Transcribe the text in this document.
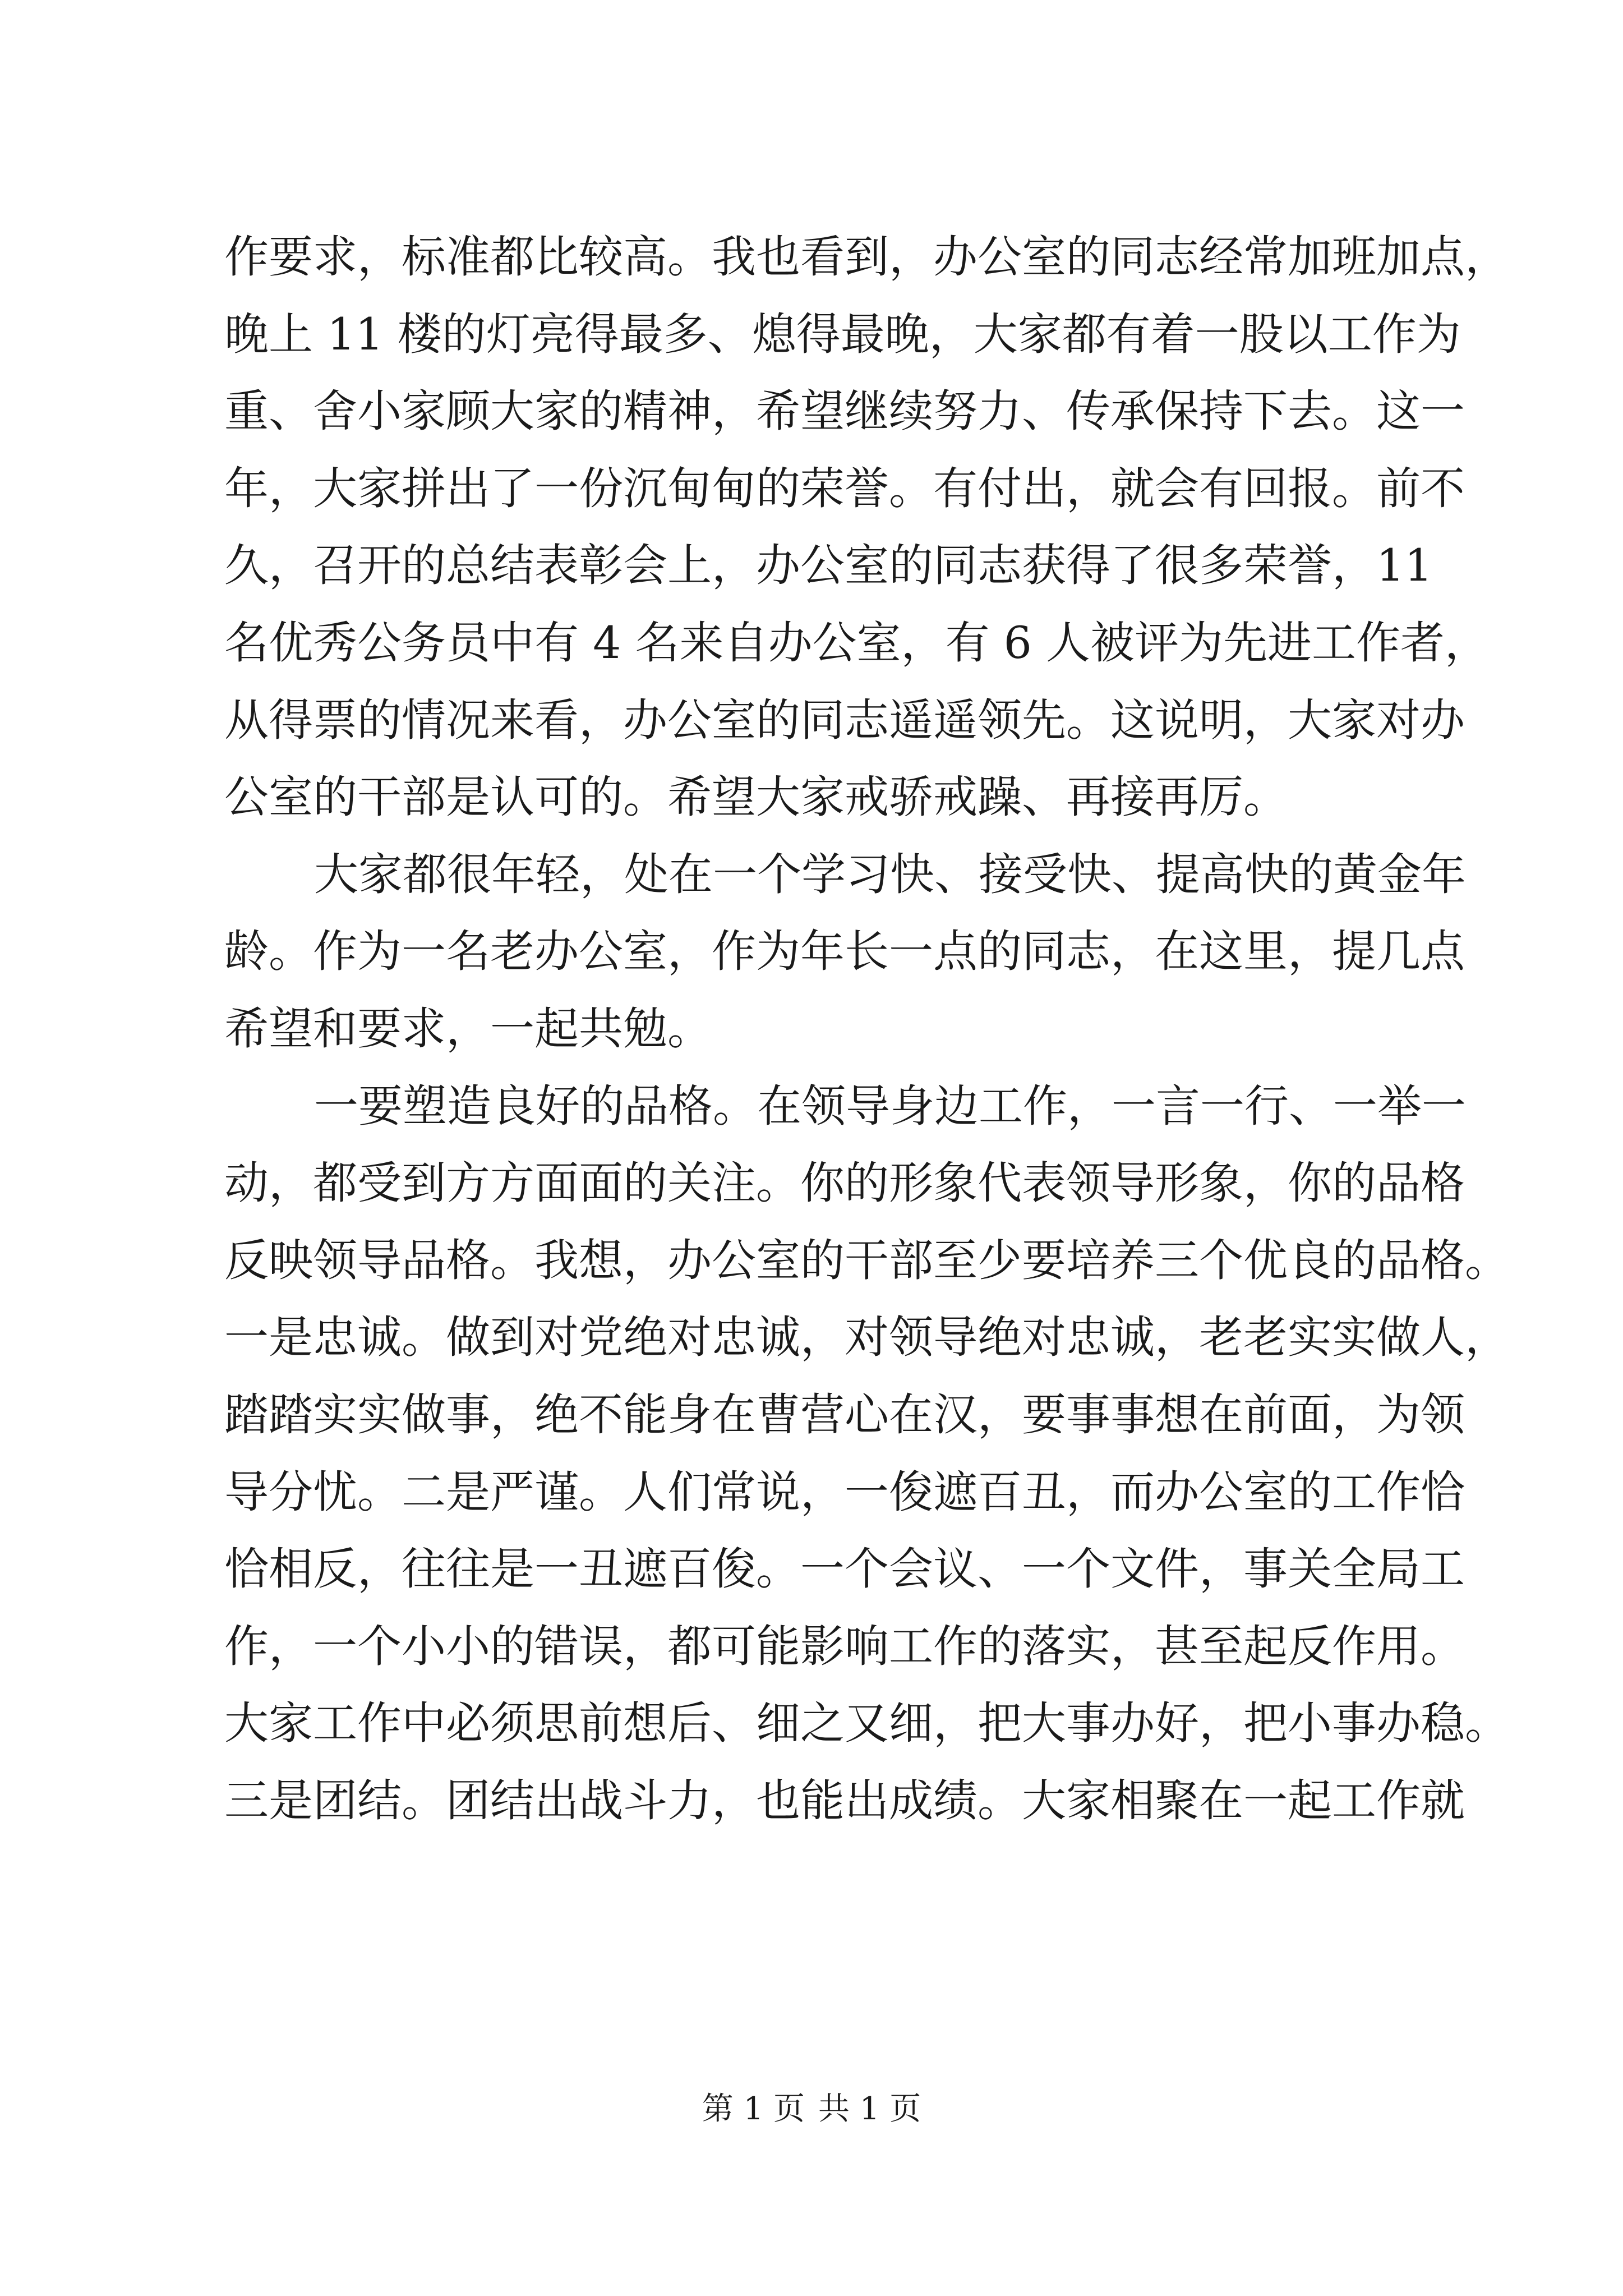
作要求，标准都比较高。我也看到，办公室的同志经常加班加点，
晚上 11 楼的灯亮得最多、熄得最晚，大家都有着一股以工作为
重、舍小家顾大家的精神，希望继续努力、传承保持下去。这一
年，大家拼出了一份沉甸甸的荣誉。有付出，就会有回报。前不
久，召开的总结表彰会上，办公室的同志获得了很多荣誉，11
名优秀公务员中有 4 名来自办公室，有 6 人被评为先进工作者，
从得票的情况来看，办公室的同志遥遥领先。这说明，大家对办
公室的干部是认可的。希望大家戒骄戒躁、再接再厉。
大家都很年轻，处在一个学习快、接受快、提高快的黄金年
龄。作为一名老办公室，作为年长一点的同志，在这里，提几点
希望和要求，一起共勉。
一要塑造良好的品格。在领导身边工作，一言一行、一举一
动，都受到方方面面的关注。你的形象代表领导形象，你的品格
反映领导品格。我想，办公室的干部至少要培养三个优良的品格。
一是忠诚。做到对党绝对忠诚，对领导绝对忠诚，老老实实做人，
踏踏实实做事，绝不能身在曹营心在汉，要事事想在前面，为领
导分忧。二是严谨。人们常说，一俊遮百丑，而办公室的工作恰
恰相反，往往是一丑遮百俊。一个会议、一个文件，事关全局工
作，一个小小的错误，都可能影响工作的落实，甚至起反作用。
大家工作中必须思前想后、细之又细，把大事办好，把小事办稳。
三是团结。团结出战斗力，也能出成绩。大家相聚在一起工作就
第 1 页 共 1 页
